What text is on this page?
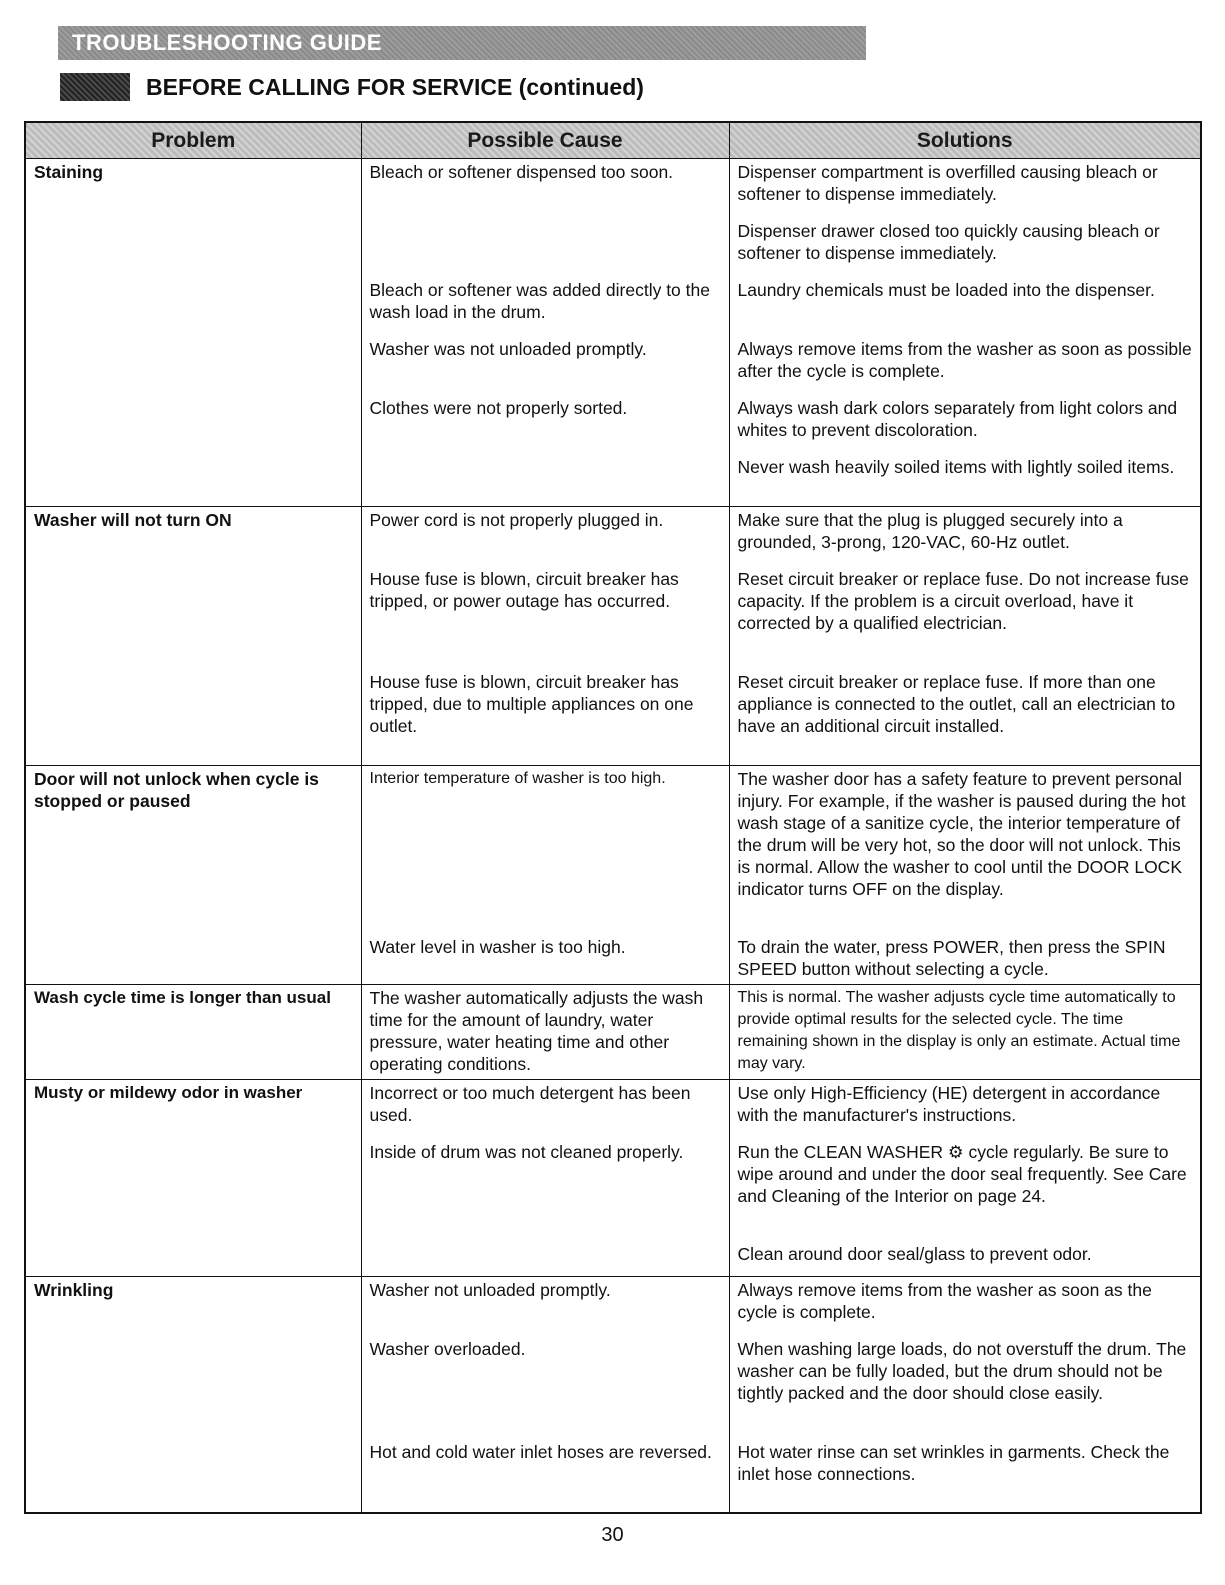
TROUBLESHOOTING GUIDE
BEFORE CALLING FOR SERVICE (continued)
Problem	Possible Cause	Solutions
Staining	Bleach or softener dispensed too soon.	Dispenser compartment is overfilled causing bleach or softener to dispense immediately.
		Dispenser drawer closed too quickly causing bleach or softener to dispense immediately.
	Bleach or softener was added directly to the wash load in the drum.	Laundry chemicals must be loaded into the dispenser.
	Washer was not unloaded promptly.	Always remove items from the washer as soon as possible after the cycle is complete.
	Clothes were not properly sorted.	Always wash dark colors separately from light colors and whites to prevent discoloration.
		Never wash heavily soiled items with lightly soiled items.
Washer will not turn ON	Power cord is not properly plugged in.	Make sure that the plug is plugged securely into a grounded, 3-prong, 120-VAC, 60-Hz outlet.
	House fuse is blown, circuit breaker has tripped, or power outage has occurred.	Reset circuit breaker or replace fuse. Do not increase fuse capacity. If the problem is a circuit overload, have it corrected by a qualified electrician.
	House fuse is blown, circuit breaker has tripped, due to multiple appliances on one outlet.	Reset circuit breaker or replace fuse. If more than one appliance is connected to the outlet, call an electrician to have an additional circuit installed.
Door will not unlock when cycle is stopped or paused	Interior temperature of washer is too high.	The washer door has a safety feature to prevent personal injury. For example, if the washer is paused during the hot wash stage of a sanitize cycle, the interior temperature of the drum will be very hot, so the door will not unlock. This is normal. Allow the washer to cool until the DOOR LOCK indicator turns OFF on the display.
	Water level in washer is too high.	To drain the water, press POWER, then press the SPIN SPEED button without selecting a cycle.
Wash cycle time is longer than usual	The washer automatically adjusts the wash time for the amount of laundry, water pressure, water heating time and other operating conditions.	This is normal. The washer adjusts cycle time automatically to provide optimal results for the selected cycle. The time remaining shown in the display is only an estimate. Actual time may vary.
Musty or mildewy odor in washer	Incorrect or too much detergent has been used.	Use only High-Efficiency (HE) detergent in accordance with the manufacturer's instructions.
	Inside of drum was not cleaned properly.	Run the CLEAN WASHER ⚙ cycle regularly. Be sure to wipe around and under the door seal frequently. See Care and Cleaning of the Interior on page 24.
		Clean around door seal/glass to prevent odor.
Wrinkling	Washer not unloaded promptly.	Always remove items from the washer as soon as the cycle is complete.
	Washer overloaded.	When washing large loads, do not overstuff the drum. The washer can be fully loaded, but the drum should not be tightly packed and the door should close easily.
	Hot and cold water inlet hoses are reversed.	Hot water rinse can set wrinkles in garments. Check the inlet hose connections.
30
